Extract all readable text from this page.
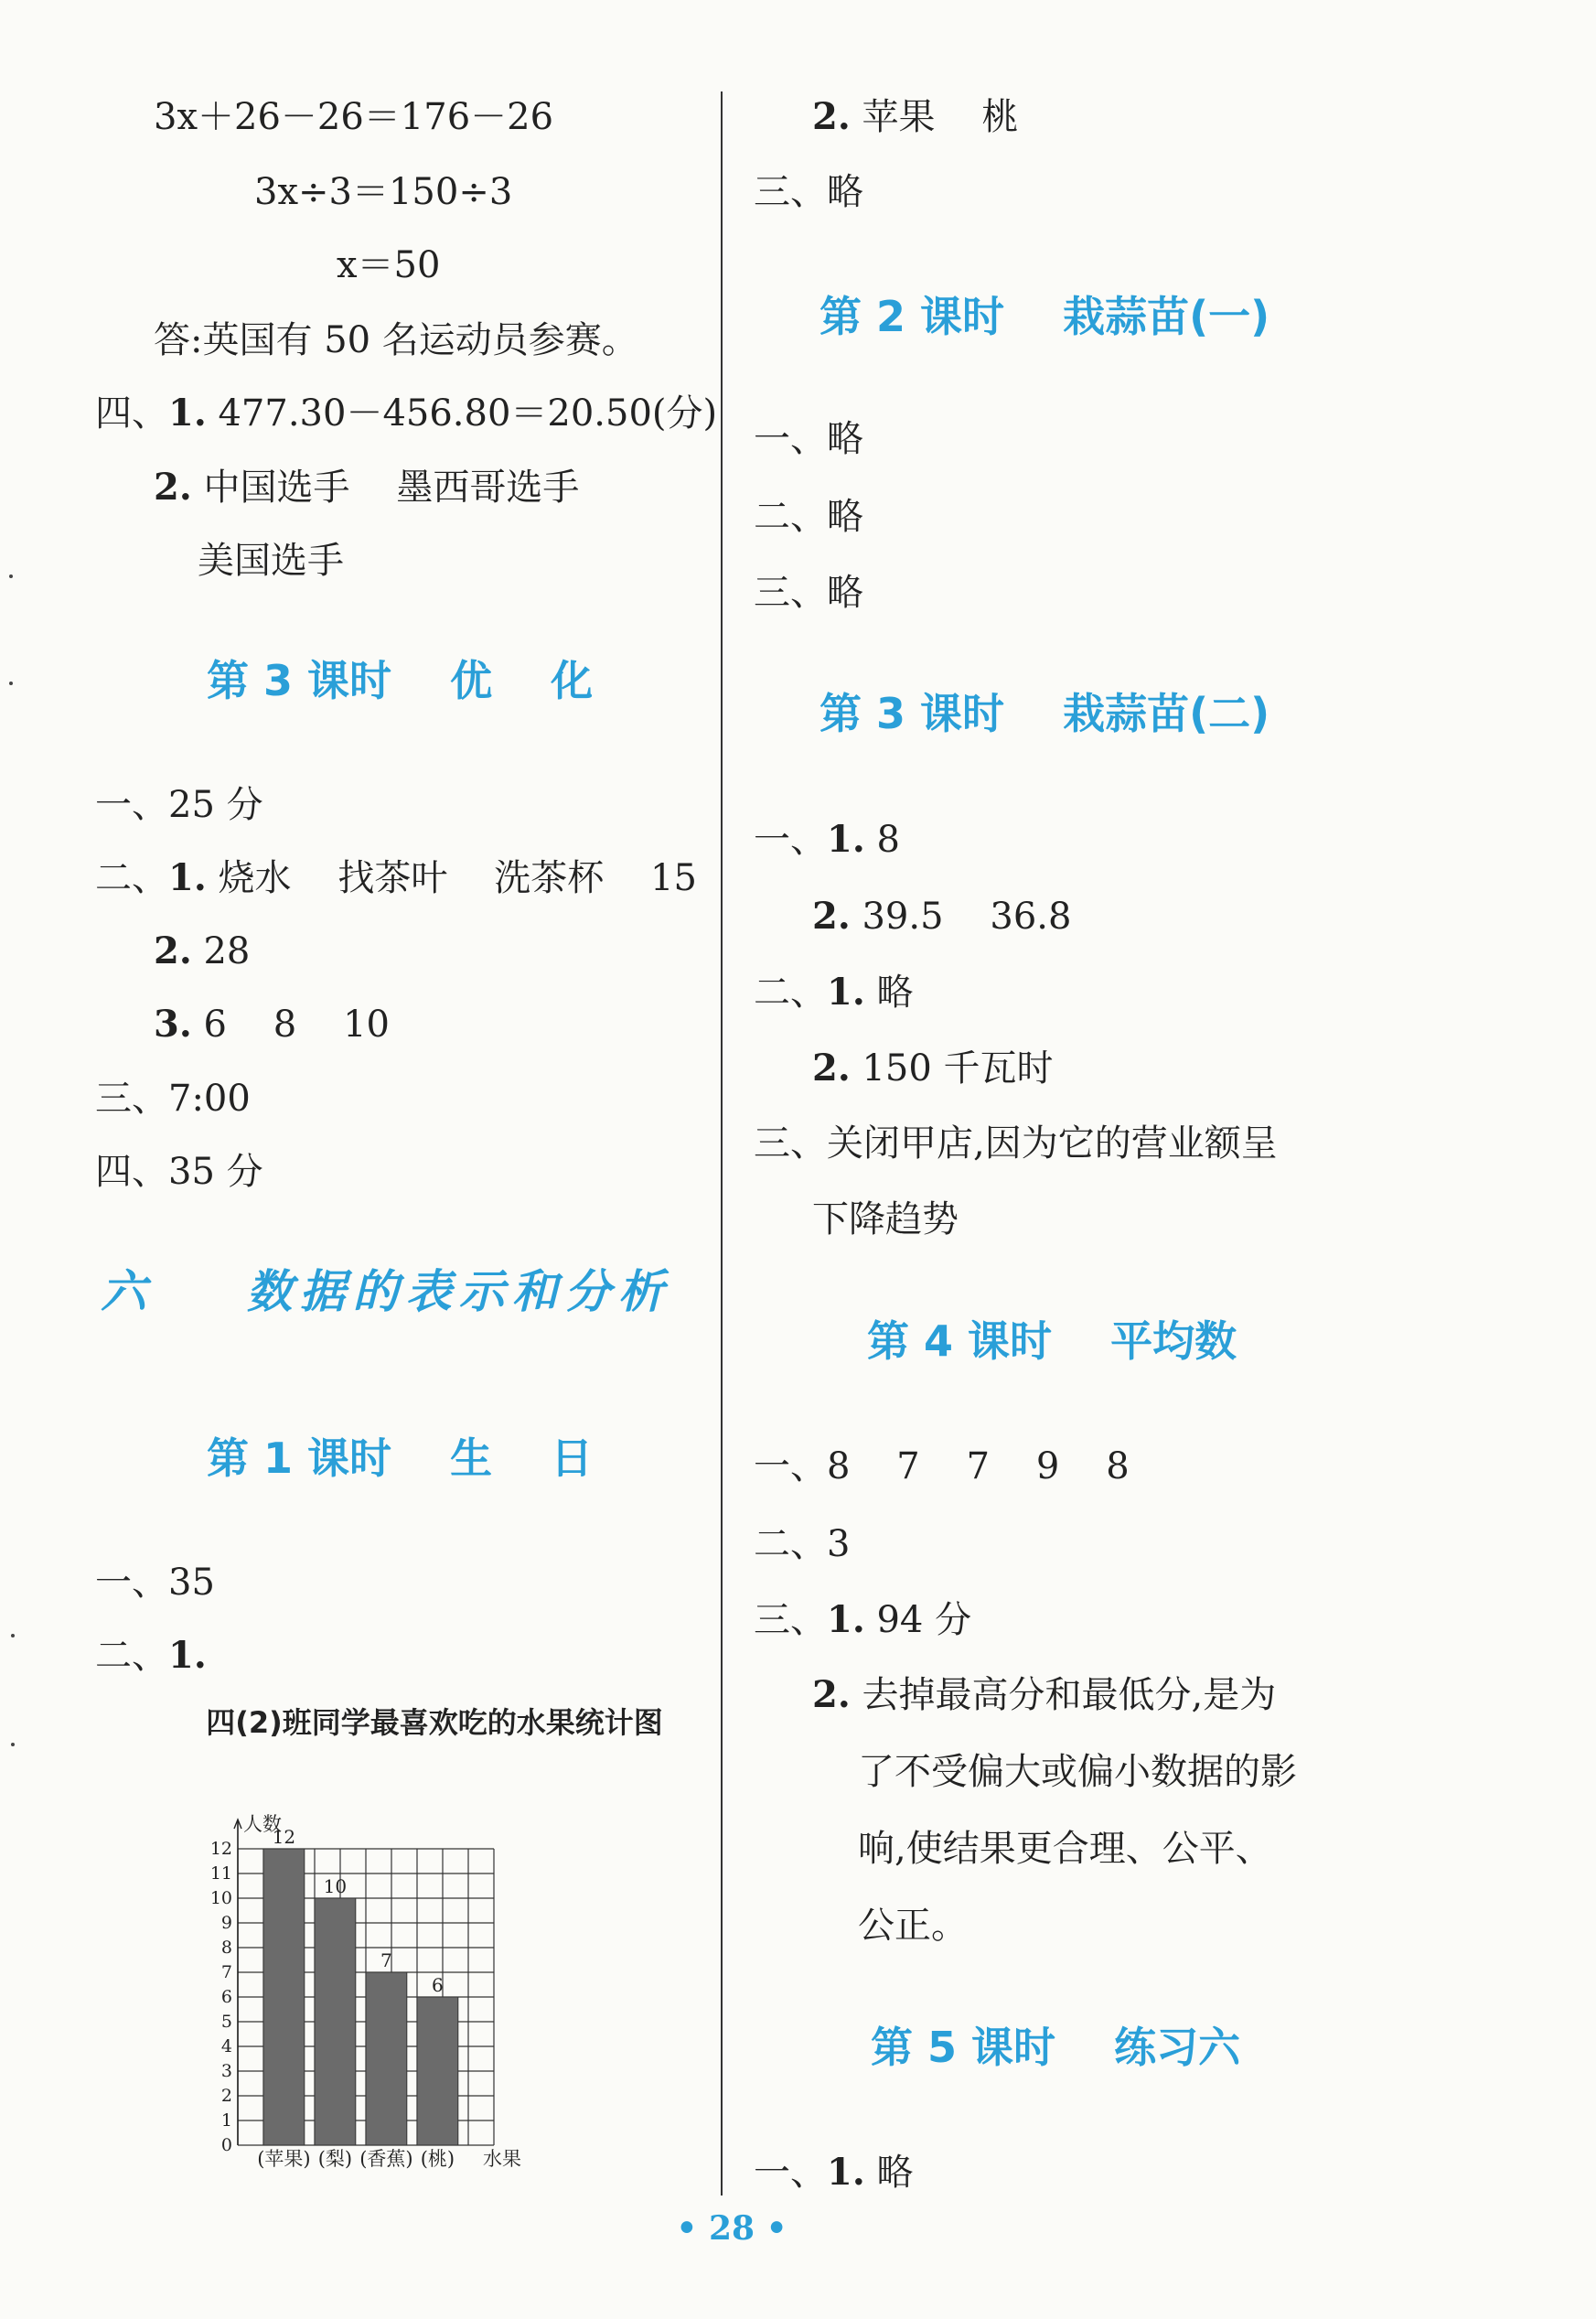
3x＋26－26＝176－26
3x÷3＝150÷3
x＝50
答:英国有 50 名运动员参赛。
四、1. 477.30－456.80＝20.50(分)
2. 中国选手    墨西哥选手
美国选手
第 3 课时    优    化
一、25 分
二、1. 烧水    找茶叶    洗茶杯    15
2. 28
3. 6    8    10
三、7:00
四、35 分
六    数据的表示和分析
第 1 课时    生    日
一、35
二、1.
四(2)班同学最喜欢吃的水果统计图
0
1
2
3
4
5
6
7
8
9
10
11
12
人数
12
(苹果)
10
(梨)
7
(香蕉)
6
(桃) 水果
2. 苹果    桃
三、略
第 2 课时    栽蒜苗(一)
一、略
二、略
三、略
第 3 课时    栽蒜苗(二)
一、1. 8
2. 39.5    36.8
二、1. 略
2. 150 千瓦时
三、关闭甲店,因为它的营业额呈
下降趋势
第 4 课时    平均数
一、8    7    7    9    8
二、3
三、1. 94 分
2. 去掉最高分和最低分,是为
了不受偏大或偏小数据的影
响,使结果更合理、公平、
公正。
第 5 课时    练习六
一、1. 略
• 28 •
